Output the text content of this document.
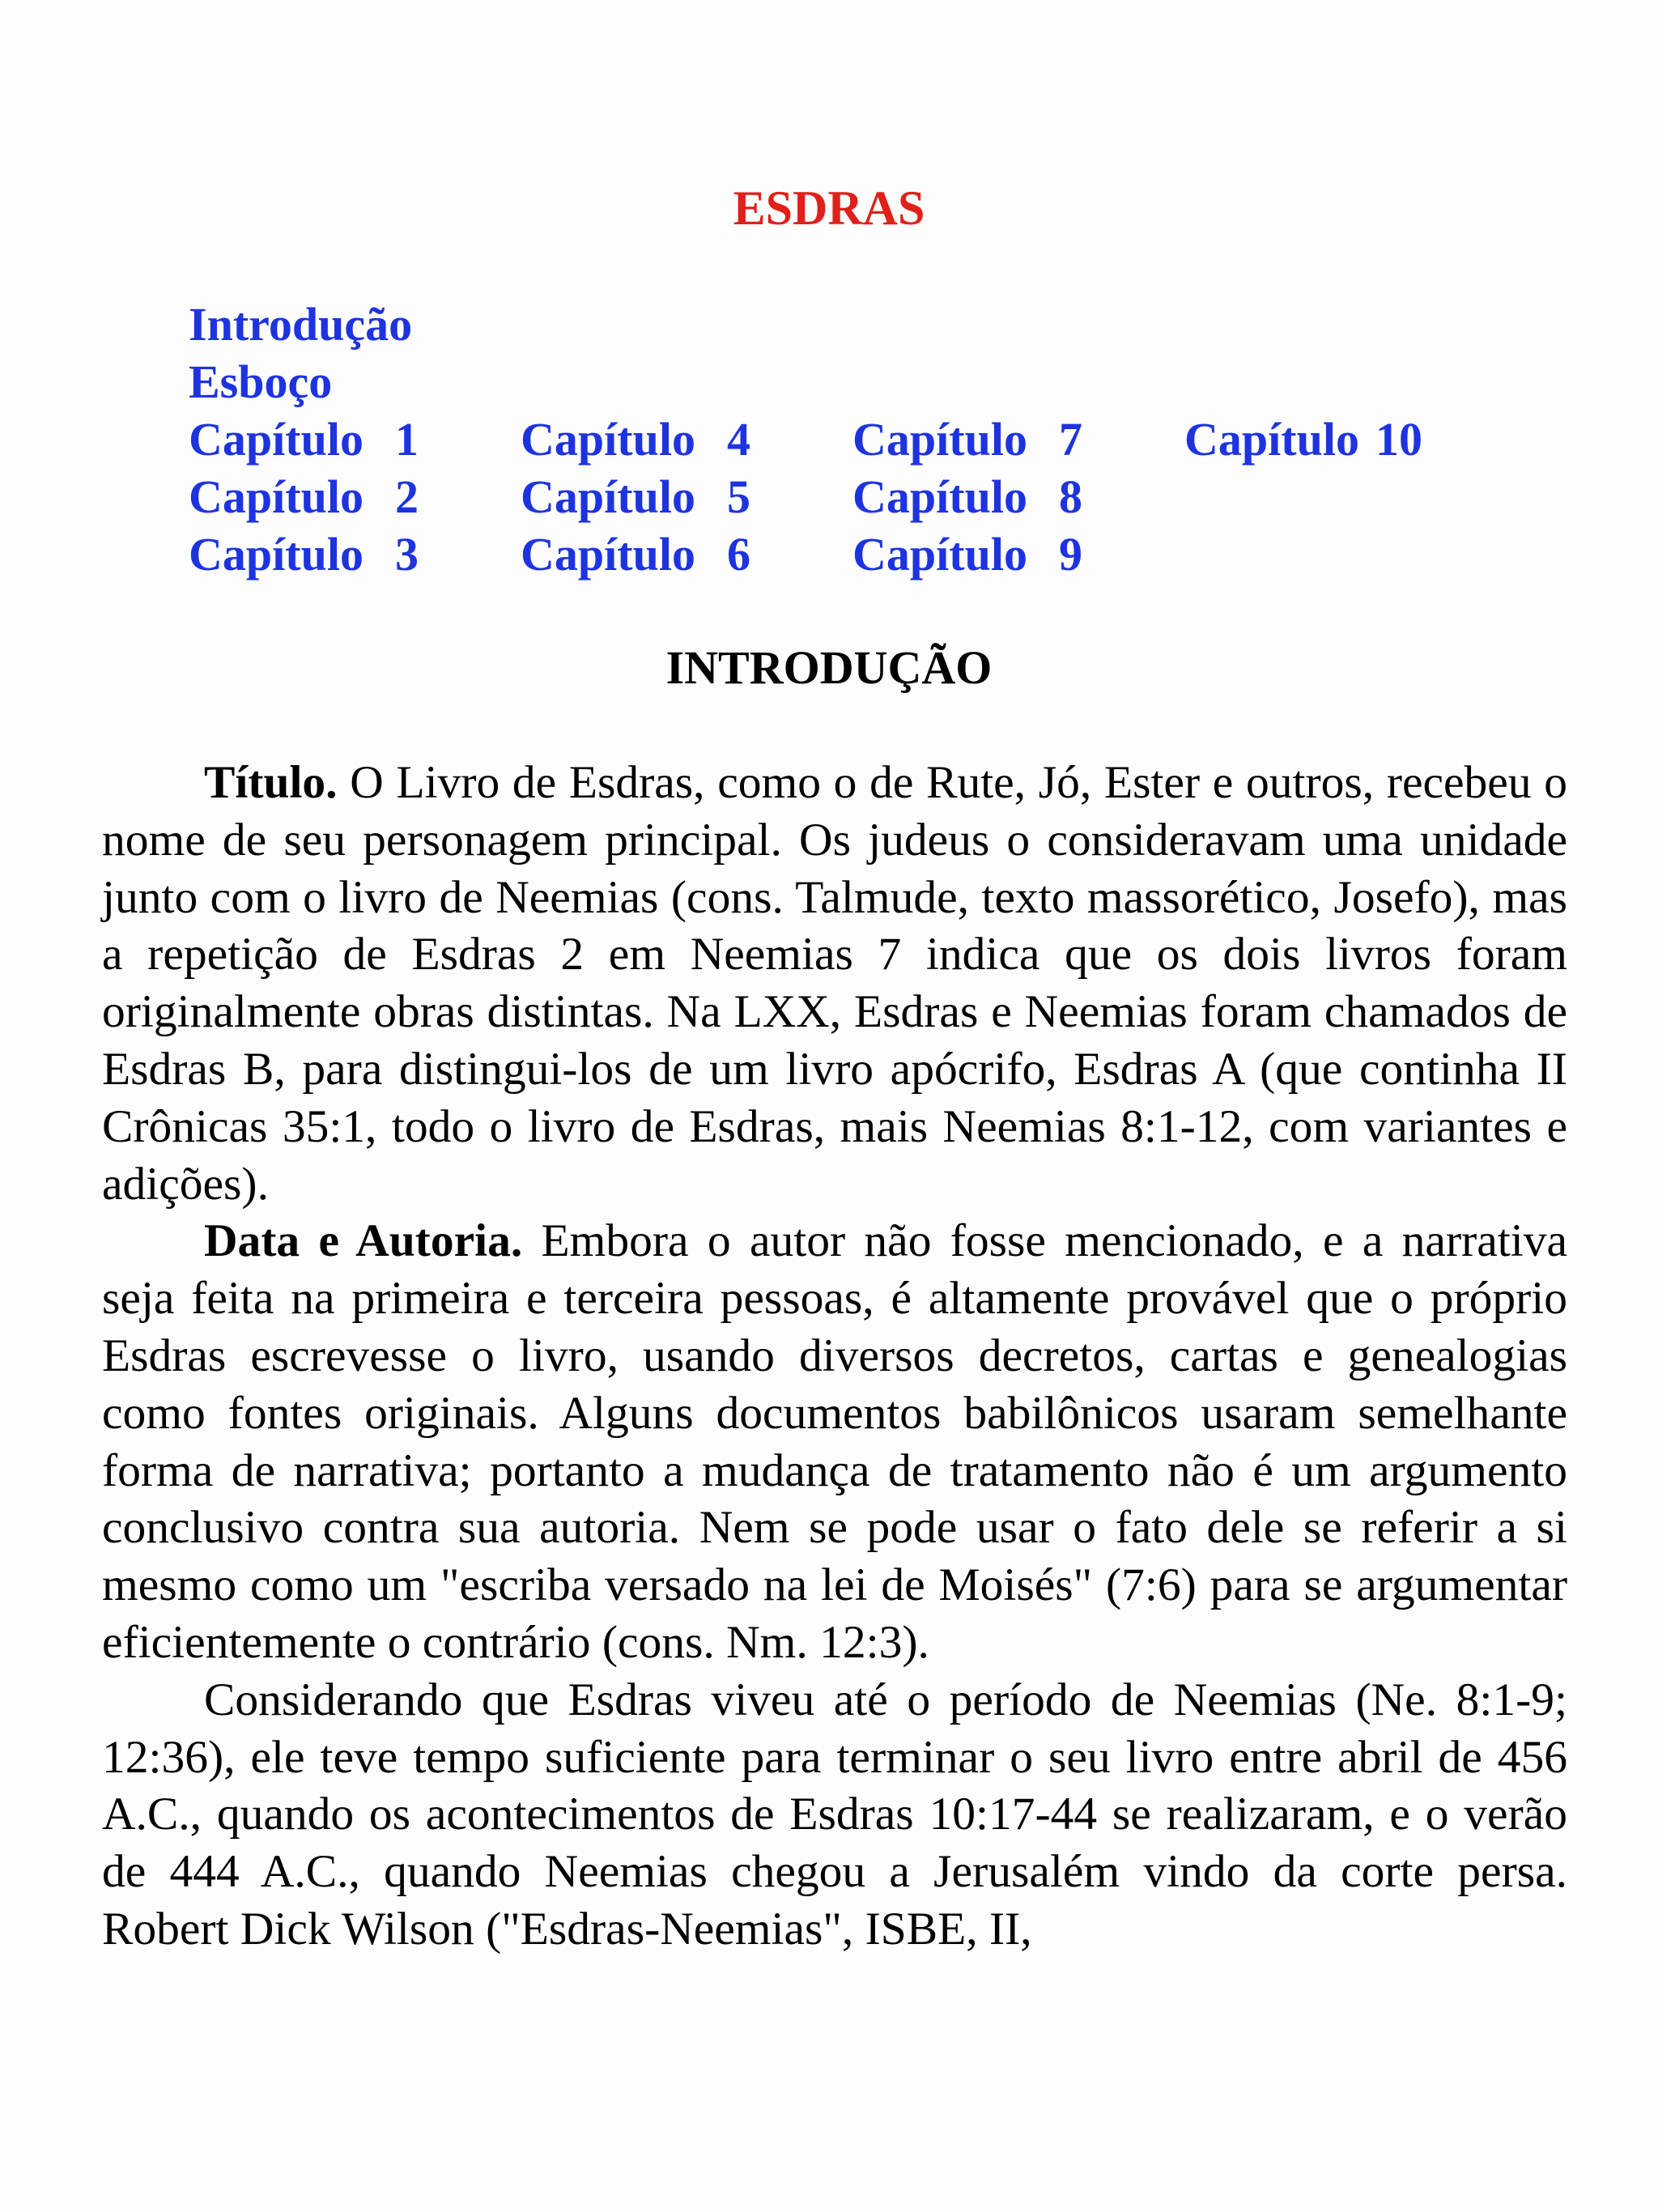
ESDRAS
Introdução
Esboço
Capítulo 1 Capítulo 4 Capítulo 7 Capítulo 10
Capítulo 2 Capítulo 5 Capítulo 8
Capítulo 3 Capítulo 6 Capítulo 9
INTRODUÇÃO

Título. O Livro de Esdras, como o de Rute, Jó, Ester e outros, recebeu o nome de seu personagem principal. Os judeus o consideravam uma unidade junto com o livro de Neemias (cons. Talmude, texto massorético, Josefo), mas a repetição de Esdras 2 em Neemias 7 indica que os dois livros foram originalmente obras distintas. Na LXX, Esdras e Neemias foram chamados de Esdras B, para distingui-los de um livro apócrifo, Esdras A (que continha II Crônicas 35:1, todo o livro de Esdras, mais Neemias 8:1-12, com variantes e adições).

Data e Autoria. Embora o autor não fosse mencionado, e a narrativa seja feita na primeira e terceira pessoas, é altamente provável que o próprio Esdras escrevesse o livro, usando diversos decretos, cartas e genealogias como fontes originais. Alguns documentos babilônicos usaram semelhante forma de narrativa; portanto a mudança de tratamento não é um argumento conclusivo contra sua autoria. Nem se pode usar o fato dele se referir a si mesmo como um "escriba versado na lei de Moisés" (7:6) para se argumentar eficientemente o contrário (cons. Nm. 12:3).

Considerando que Esdras viveu até o período de Neemias (Ne. 8:1-9; 12:36), ele teve tempo suficiente para terminar o seu livro entre abril de 456 A.C., quando os acontecimentos de Esdras 10:17-44 se realizaram, e o verão de 444 A.C., quando Neemias chegou a Jerusalém vindo da corte persa. Robert Dick Wilson ("Esdras-Neemias", ISBE, II,
